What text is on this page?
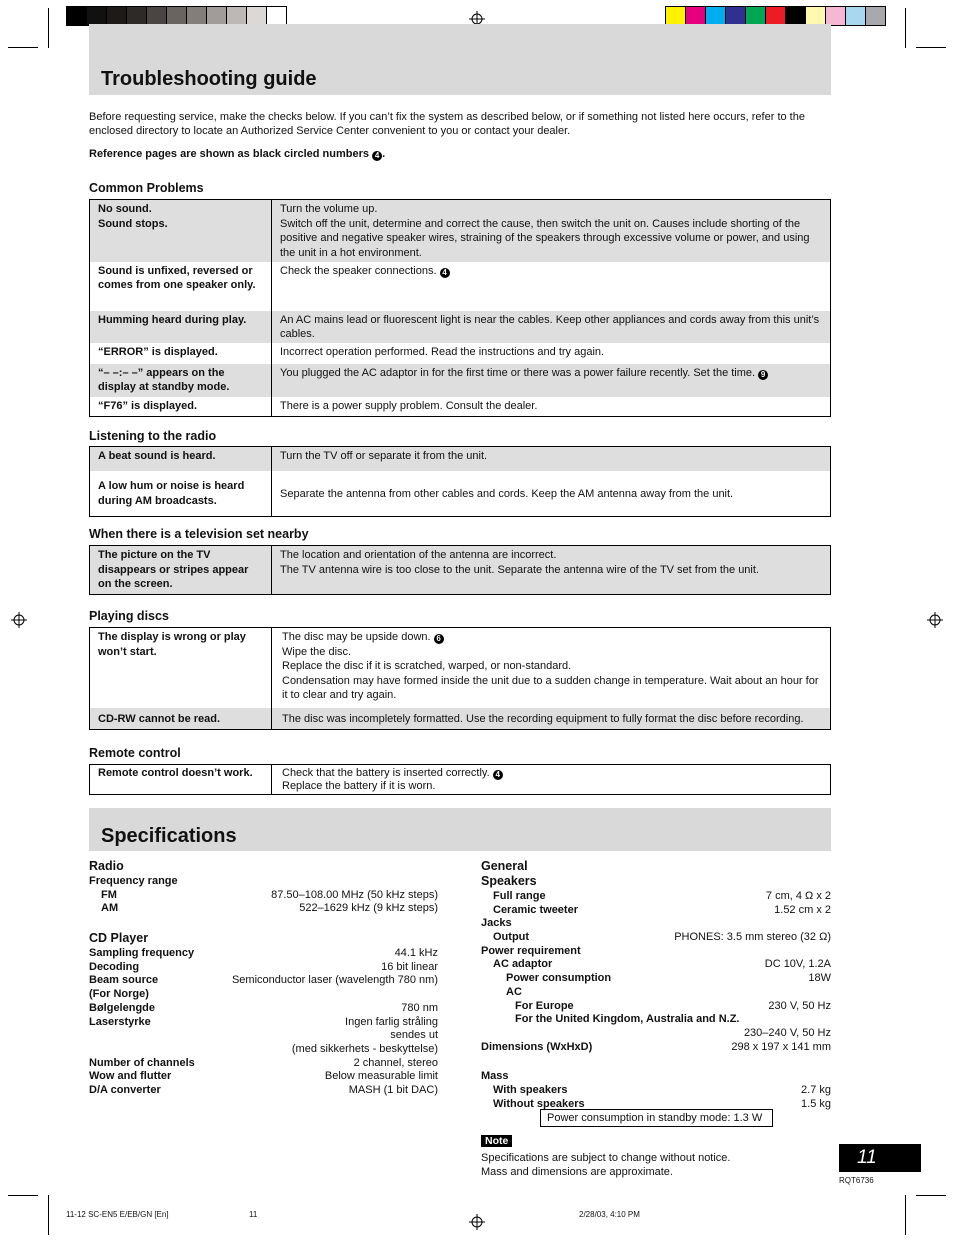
Troubleshooting guide
Before requesting service, make the checks below. If you can’t fix the system as described below, or if something not listed here occurs, refer to the enclosed directory to locate an Authorized Service Center convenient to you or contact your dealer.
Reference pages are shown as black circled numbers 4 .
Common Problems
No sound.
Sound stops.	Turn the volume up.
Switch off the unit, determine and correct the cause, then switch the unit on. Causes include shorting of the positive and negative speaker wires, straining of the speakers through excessive volume or power, and using the unit in a hot environment.
Sound is unfixed, reversed or comes from one speaker only.	Check the speaker connections. 4
Humming heard during play.	An AC mains lead or fluorescent light is near the cables. Keep other appliances and cords away from this unit’s cables.
“ERROR” is displayed.	Incorrect operation performed. Read the instructions and try again.
“– –:– –” appears on the display at standby mode.	You plugged the AC adaptor in for the first time or there was a power failure recently. Set the time. 9
“F76” is displayed.	There is a power supply problem. Consult the dealer.
Listening to the radio
A beat sound is heard.	Turn the TV off or separate it from the unit.
A low hum or noise is heard during AM broadcasts.	Separate the antenna from other cables and cords. Keep the AM antenna away from the unit.
When there is a television set nearby
The picture on the TV disappears or stripes appear on the screen.	The location and orientation of the antenna are incorrect.
The TV antenna wire is too close to the unit. Separate the antenna wire of the TV set from the unit.
Playing discs
The display is wrong or play won’t start.	The disc may be upside down. 6
Wipe the disc.
Replace the disc if it is scratched, warped, or non-standard.
Condensation may have formed inside the unit due to a sudden change in temperature. Wait about an hour for it to clear and try again.
CD-RW cannot be read.	The disc was incompletely formatted. Use the recording equipment to fully format the disc before recording.
Remote control
Remote control doesn’t work.	Check that the battery is inserted correctly. 4
Replace the battery if it is worn.
Specifications
Radio
Frequency range
FM	87.50–108.00 MHz (50 kHz steps)
AM	522–1629 kHz (9 kHz steps)
CD Player
Sampling frequency	44.1 kHz
Decoding	16 bit linear
Beam source	Semiconductor laser (wavelength 780 nm)
(For Norge)
Bølgelengde	780 nm
Laserstyrke	Ingen farlig stråling
sendes ut
(med sikkerhets - beskyttelse)
Number of channels	2 channel, stereo
Wow and flutter	Below measurable limit
D/A converter	MASH (1 bit DAC)
General
Speakers
Full range	7 cm, 4 Ω x 2
Ceramic tweeter	1.52 cm x 2
Jacks
Output	PHONES: 3.5 mm stereo (32 Ω)
Power requirement
AC adaptor	DC 10V, 1.2A
Power consumption	18W
AC
For Europe	230 V, 50 Hz
For the United Kingdom, Australia and N.Z.
230–240 V, 50 Hz
Dimensions (WxHxD)	298 x 197 x 141 mm
Mass
With speakers	2.7 kg
Without speakers	1.5 kg
Power consumption in standby mode: 1.3 W
Note
Specifications are subject to change without notice.
Mass and dimensions are approximate.
11
RQT6736
11-12 SC-EN5 E/EB/GN [En]	11	2/28/03, 4:10 PM
